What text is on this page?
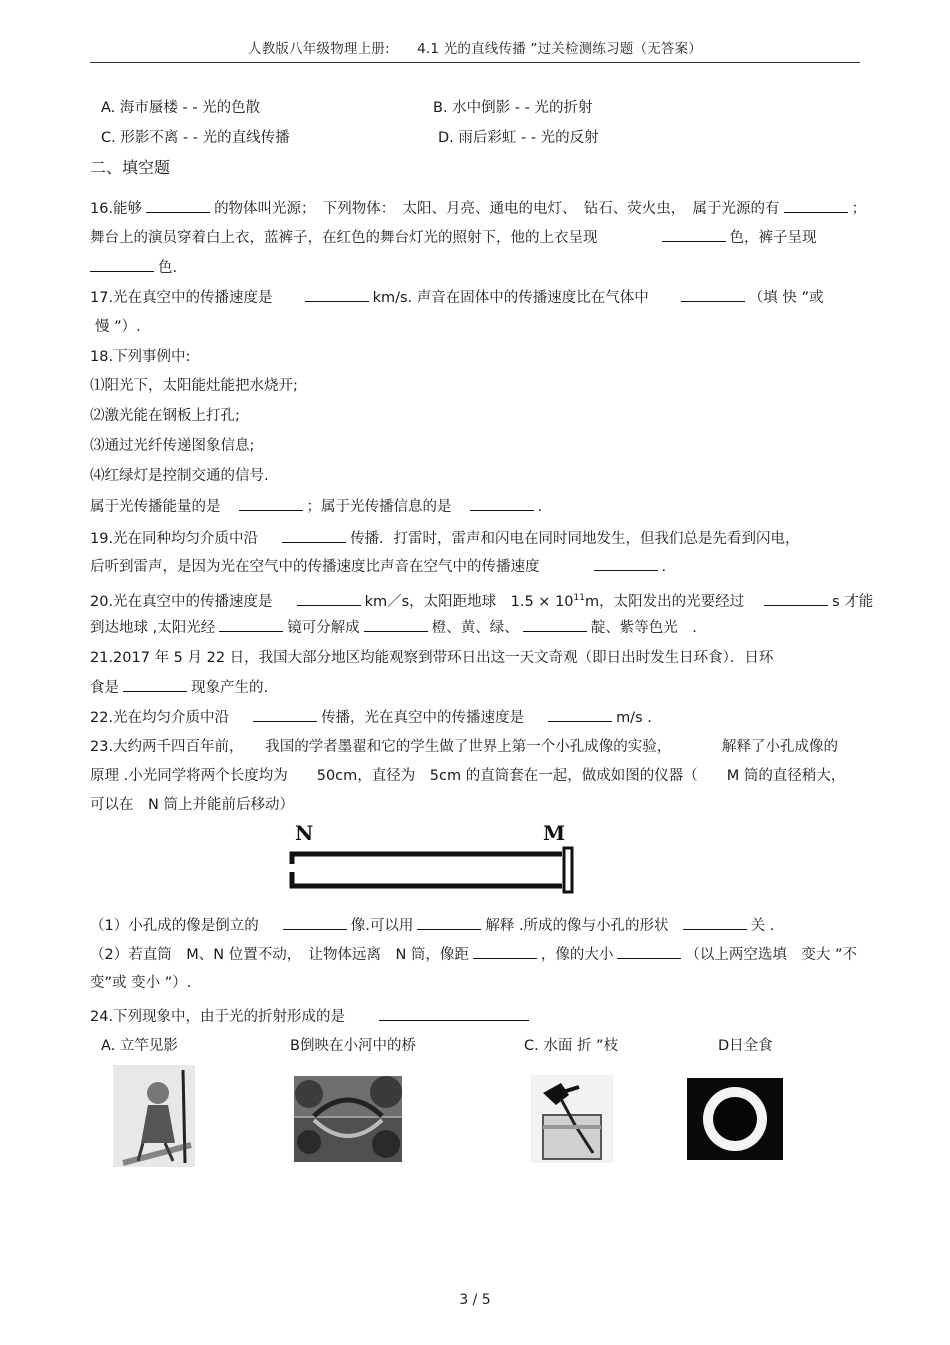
人教版八年级物理上册:　　4.1 光的直线传播 ”过关检测练习题（无答案）
A. 海市蜃楼 - - 光的色散	B. 水中倒影 - - 光的折射
C. 形影不离 - - 光的直线传播	D. 雨后彩虹 - - 光的反射
二、填空题
16.能够	的物体叫光源；　下列物体：　太阳、月亮、通电的电灯、　钻石、荧火虫，　属于光源的有	；
舞台上的演员穿着白上衣，蓝裤子，在红色的舞台灯光的照射下，他的上衣呈现	色，裤子呈现
色.
17.光在真空中的传播速度是	km/s. 声音在固体中的传播速度比在气体中	（填 快 ”或
慢 ”）.
18.下列事例中:
⑴阳光下，太阳能灶能把水烧开;
⑵激光能在钢板上打孔;
⑶通过光纤传递图象信息;
⑷红绿灯是控制交通的信号.
属于光传播能量的是	；属于光传播信息的是	.
19.光在同种均匀介质中沿	传播．打雷时，雷声和闪电在同时同地发生，但我们总是先看到闪电，
后听到雷声，是因为光在空气中的传播速度比声音在空气中的传播速度	.
20.光在真空中的传播速度是	km／s，太阳距地球　$1.5 \times 10^{11}m$，太阳发出的光要经过	s 才能
到达地球 ,太阳光经	镜可分解成	橙、黄、绿、	靛、紫等色光　.
21.2017 年 5 月 22 日，我国大部分地区均能观察到带环日出这一天文奇观（即日出时发生日环食）．日环
食是	现象产生的.
22.光在均匀介质中沿	传播，光在真空中的传播速度是	m/s .
23.大约两千四百年前，　　我国的学者墨翟和它的学生做了世界上第一个小孔成像的实验，　　　　解释了小孔成像的
原理 .小光同学将两个长度均为　　50cm，直径为　5cm 的直筒套在一起，做成如图的仪器（　　M 筒的直径稍大，
可以在　N 筒上并能前后移动）
N	M
（1）小孔成的像是倒立的	像.可以用	解释 .所成的像与小孔的形状	关 .
（2）若直筒　M、N 位置不动，　让物体远离　N 筒，像距	，像的大小	（以上两空选填　变大 ”不
变”或 变小 ”）.
24.下列现象中，由于光的折射形成的是
A. 立竿见影	B倒映在小河中的桥	C. 水面 折 ”枝	D日全食
3 / 5
